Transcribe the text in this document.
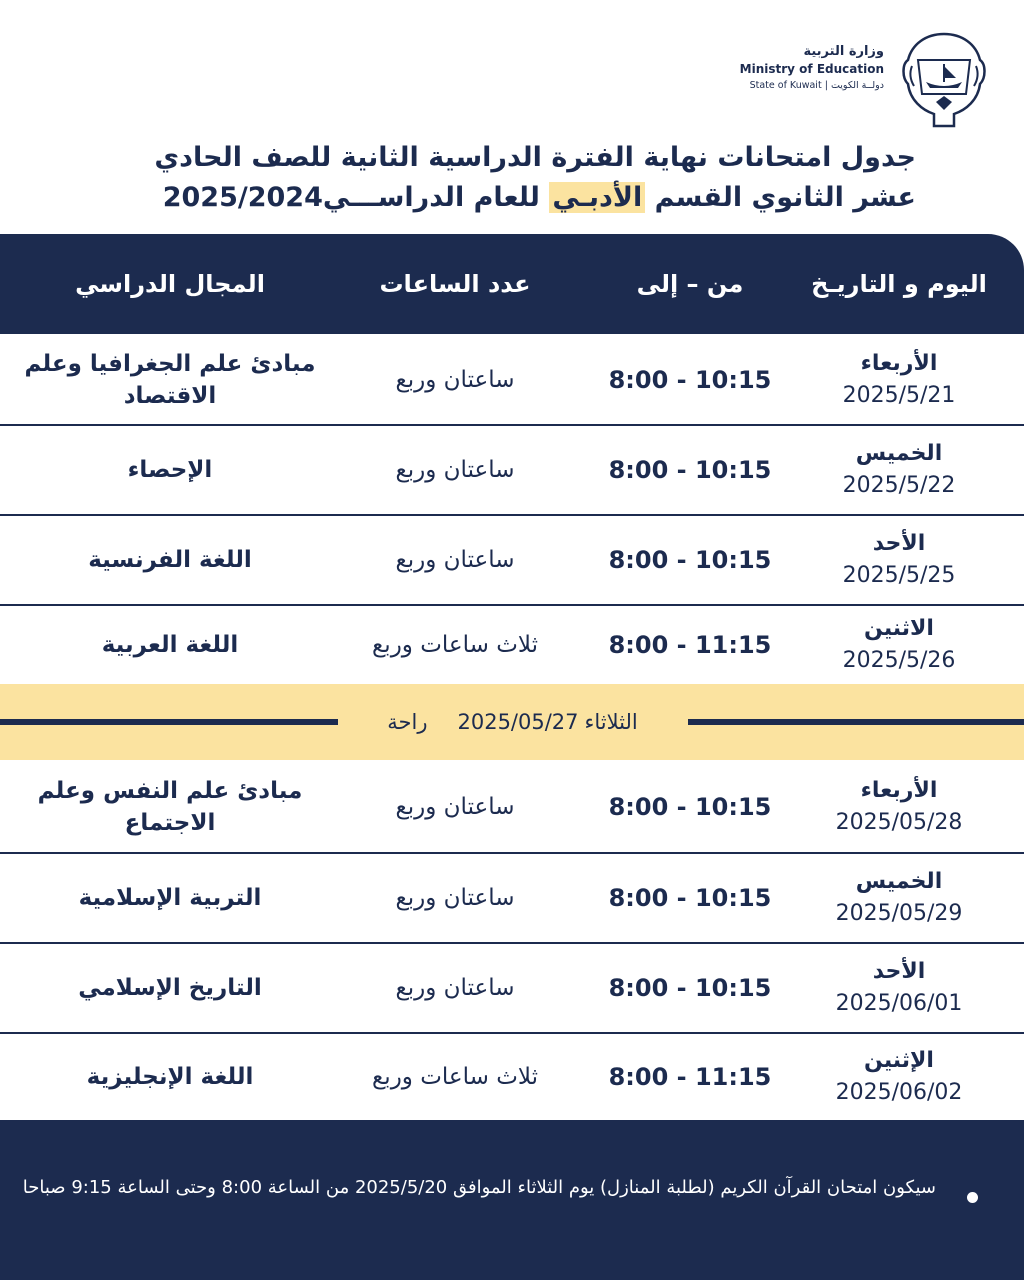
وزارة التربية
Ministry of Education
دولــة الكويت | State of Kuwait
جدول امتحانات نهاية الفترة الدراسية الثانية للصف الحادي
عشر الثانوي القسم الأدبـي للعام الدراســـي2025/2024
اليوم و التاريـخ
من – إلى
عدد الساعات
المجال الدراسي
الأربعاء
2025/5/21
8:00 - 10:15
ساعتان وربع
مبادئ علم الجغرافيا وعلم الاقتصاد
الخميس
2025/5/22
8:00 - 10:15
ساعتان وربع
الإحصاء
الأحد
2025/5/25
8:00 - 10:15
ساعتان وربع
اللغة الفرنسية
الاثنين
2025/5/26
8:00 - 11:15
ثلاث ساعات وربع
اللغة العربية
الثلاثاء
2025/05/27
راحة
الأربعاء
2025/05/28
8:00 - 10:15
ساعتان وربع
مبادئ علم النفس وعلم الاجتماع
الخميس
2025/05/29
8:00 - 10:15
ساعتان وربع
التربية الإسلامية
الأحد
2025/06/01
8:00 - 10:15
ساعتان وربع
التاريخ الإسلامي
الإثنين
2025/06/02
8:00 - 11:15
ثلاث ساعات وربع
اللغة الإنجليزية
سيكون امتحان القرآن الكريم (لطلبة المنازل) يوم الثلاثاء الموافق 2025/5/20 من الساعة 8:00 وحتى الساعة 9:15 صباحا
